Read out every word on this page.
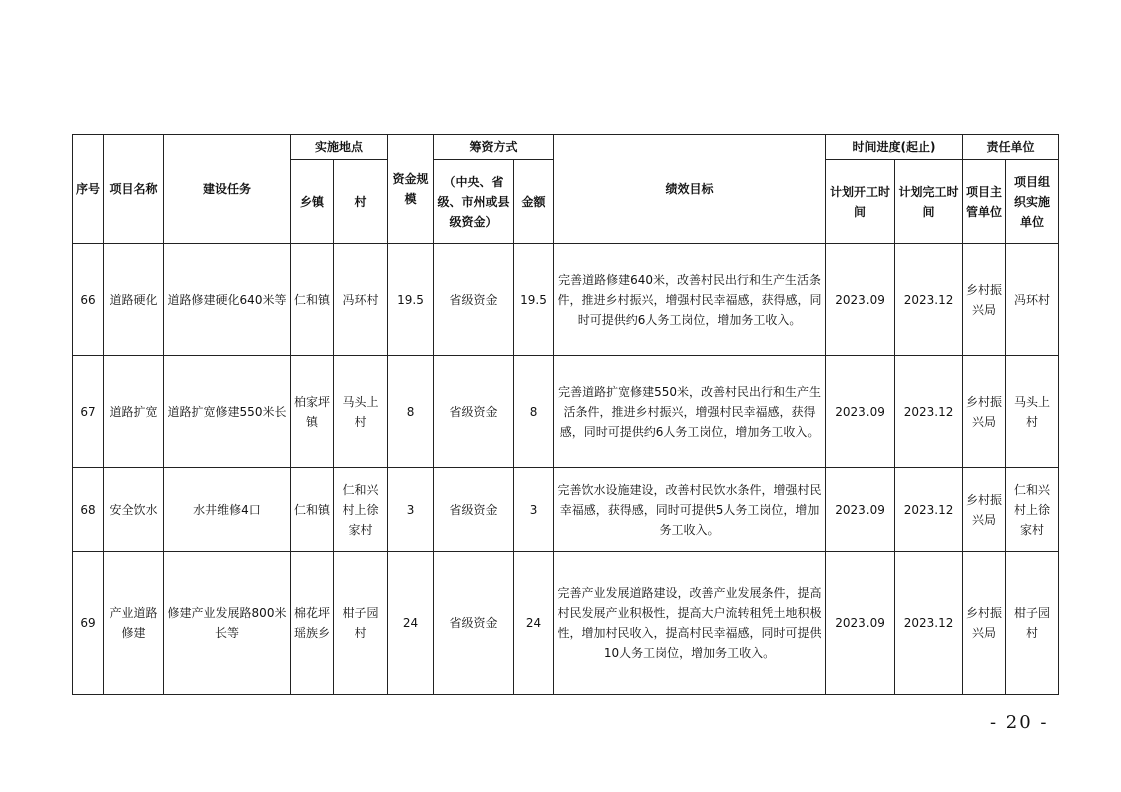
序号	项目名称	建设任务	实施地点		资金规模	筹资方式		绩效目标	时间进度(起止)		责任单位	
			乡镇	村		（中央、省级、市州或县级资金）	金额		计划开工时间	计划完工时间	项目主管单位	项目组织实施单位
66	道路硬化	道路修建硬化640米等	仁和镇	冯环村	19.5	省级资金	19.5	完善道路修建640米，改善村民出行和生产生活条件，推进乡村振兴，增强村民幸福感，获得感，同时可提供约6人务工岗位，增加务工收入。	2023.09	2023.12	乡村振兴局	冯环村
67	道路扩宽	道路扩宽修建550米长	柏家坪镇	马头上村	8	省级资金	8	完善道路扩宽修建550米，改善村民出行和生产生活条件，推进乡村振兴，增强村民幸福感，获得感，同时可提供约6人务工岗位，增加务工收入。	2023.09	2023.12	乡村振兴局	马头上村
68	安全饮水	水井维修4口	仁和镇	仁和兴村上徐家村	3	省级资金	3	完善饮水设施建设，改善村民饮水条件，增强村民幸福感，获得感，同时可提供5人务工岗位，增加务工收入。	2023.09	2023.12	乡村振兴局	仁和兴村上徐家村
69	产业道路修建	修建产业发展路800米长等	棉花坪瑶族乡	柑子园村	24	省级资金	24	完善产业发展道路建设，改善产业发展条件，提高村民发展产业积极性，提高大户流转租凭土地积极性，增加村民收入，提高村民幸福感，同时可提供10人务工岗位，增加务工收入。	2023.09	2023.12	乡村振兴局	柑子园村
- 20 -
